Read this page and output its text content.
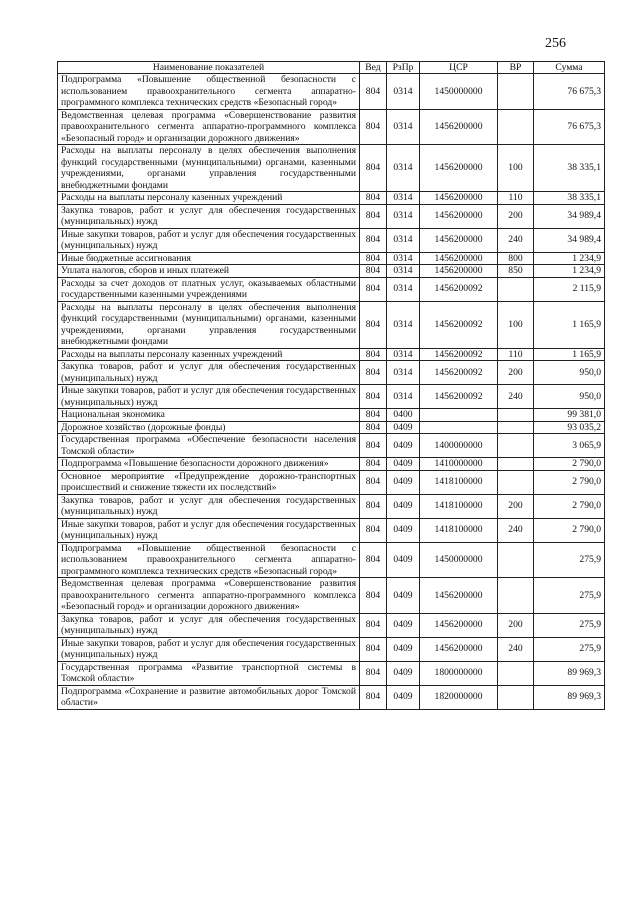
256
Наименование показателей	Вед	РзПр	ЦСР	ВР	Сумма
Подпрограмма «Повышение общественной безопасности с использованием правоохранительного сегмента аппаратно-программного комплекса технических средств «Безопасный город»	804	0314	1450000000		76 675,3
Ведомственная целевая программа «Совершенствование развития правоохранительного сегмента аппаратно-программного комплекса «Безопасный город» и организации дорожного движения»	804	0314	1456200000		76 675,3
Расходы на выплаты персоналу в целях обеспечения выполнения функций государственными (муниципальными) органами, казенными учреждениями, органами управления государственными внебюджетными фондами	804	0314	1456200000	100	38 335,1
Расходы на выплаты персоналу казенных учреждений	804	0314	1456200000	110	38 335,1
Закупка товаров, работ и услуг для обеспечения государственных (муниципальных) нужд	804	0314	1456200000	200	34 989,4
Иные закупки товаров, работ и услуг для обеспечения государственных (муниципальных) нужд	804	0314	1456200000	240	34 989,4
Иные бюджетные ассигнования	804	0314	1456200000	800	1 234,9
Уплата налогов, сборов и иных платежей	804	0314	1456200000	850	1 234,9
Расходы за счет доходов от платных услуг, оказываемых областными государственными казенными учреждениями	804	0314	1456200092		2 115,9
Расходы на выплаты персоналу в целях обеспечения выполнения функций государственными (муниципальными) органами, казенными учреждениями, органами управления государственными внебюджетными фондами	804	0314	1456200092	100	1 165,9
Расходы на выплаты персоналу казенных учреждений	804	0314	1456200092	110	1 165,9
Закупка товаров, работ и услуг для обеспечения государственных (муниципальных) нужд	804	0314	1456200092	200	950,0
Иные закупки товаров, работ и услуг для обеспечения государственных (муниципальных) нужд	804	0314	1456200092	240	950,0
Национальная экономика	804	0400			99 381,0
Дорожное хозяйство (дорожные фонды)	804	0409			93 035,2
Государственная программа «Обеспечение безопасности населения Томской области»	804	0409	1400000000		3 065,9
Подпрограмма «Повышение безопасности дорожного движения»	804	0409	1410000000		2 790,0
Основное мероприятие «Предупреждение дорожно-транспортных происшествий и снижение тяжести их последствий»	804	0409	1418100000		2 790,0
Закупка товаров, работ и услуг для обеспечения государственных (муниципальных) нужд	804	0409	1418100000	200	2 790,0
Иные закупки товаров, работ и услуг для обеспечения государственных (муниципальных) нужд	804	0409	1418100000	240	2 790,0
Подпрограмма «Повышение общественной безопасности с использованием правоохранительного сегмента аппаратно-программного комплекса технических средств «Безопасный город»	804	0409	1450000000		275,9
Ведомственная целевая программа «Совершенствование развития правоохранительного сегмента аппаратно-программного комплекса «Безопасный город» и организации дорожного движения»	804	0409	1456200000		275,9
Закупка товаров, работ и услуг для обеспечения государственных (муниципальных) нужд	804	0409	1456200000	200	275,9
Иные закупки товаров, работ и услуг для обеспечения государственных (муниципальных) нужд	804	0409	1456200000	240	275,9
Государственная программа «Развитие транспортной системы в Томской области»	804	0409	1800000000		89 969,3
Подпрограмма «Сохранение и развитие автомобильных дорог Томской области»	804	0409	1820000000		89 969,3
